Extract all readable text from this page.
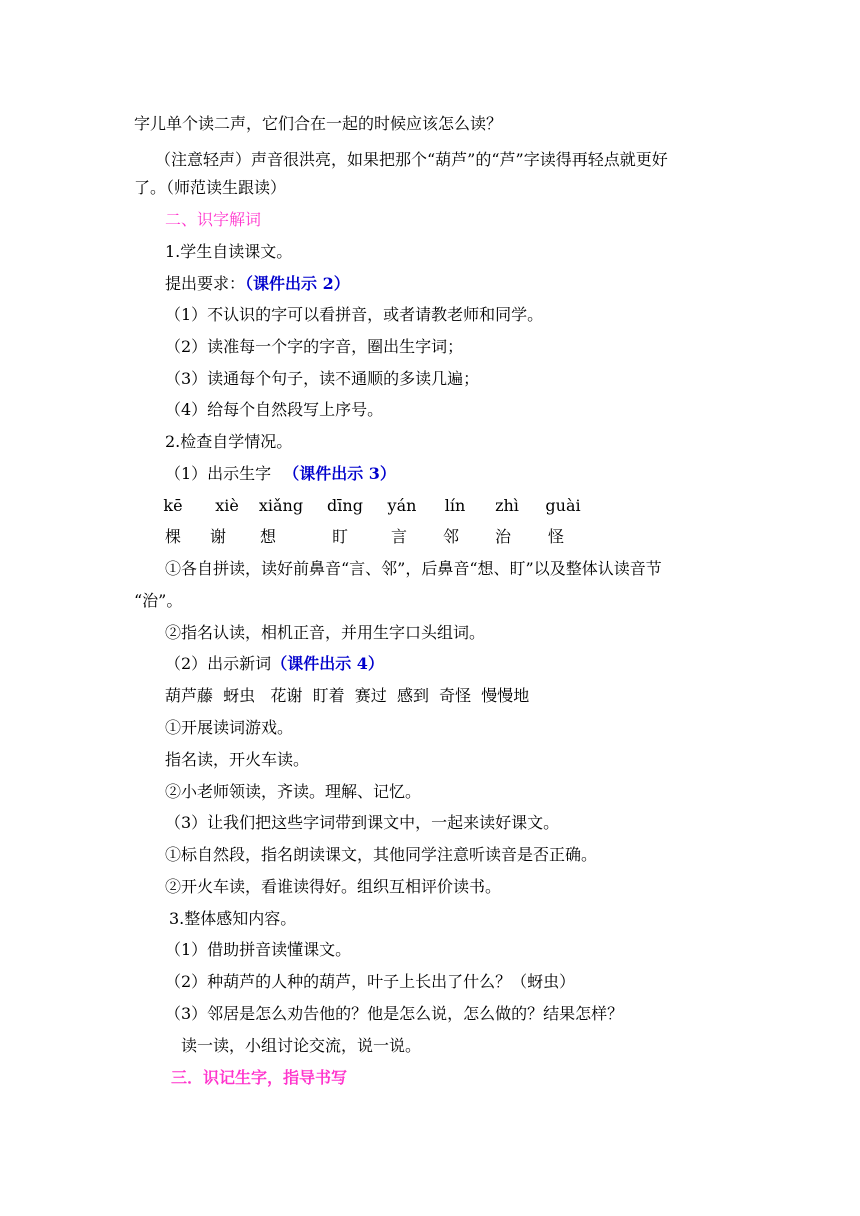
字儿单个读二声，它们合在一起的时候应该怎么读？
（注意轻声）声音很洪亮，如果把那个“葫芦”的“芦”字读得再轻点就更好
了。（师范读生跟读）
二、识字解词
1.学生自读课文。
提出要求：（课件出示 2）
（1）不认识的字可以看拼音，或者请教老师和同学。
（2）读准每一个字的字音，圈出生字词；
（3）读通每个句子，读不通顺的多读几遍；
（4）给每个自然段写上序号。
2.检查自学情况。
（1）出示生字 （课件出示 3）
kē	xiè	xiǎng	dīng	yán	lín	zhì	guài
棵 谢 想	盯	言 邻 治 怪
①各自拼读，读好前鼻音“言、邻”，后鼻音“想、盯”以及整体认读音节
“治”。
②指名认读，相机正音，并用生字口头组词。
（2）出示新词（课件出示 4）
葫芦藤  蚜虫   花谢  盯着  赛过  感到  奇怪  慢慢地
①开展读词游戏。
指名读，开火车读。
②小老师领读，齐读。理解、记忆。
（3）让我们把这些字词带到课文中，一起来读好课文。
①标自然段，指名朗读课文，其他同学注意听读音是否正确。
②开火车读，看谁读得好。组织互相评价读书。
3.整体感知内容。
（1）借助拼音读懂课文。
（2）种葫芦的人种的葫芦，叶子上长出了什么？（蚜虫）
（3）邻居是怎么劝告他的？他是怎么说，怎么做的？结果怎样？
读一读，小组讨论交流，说一说。
三．识记生字，指导书写
